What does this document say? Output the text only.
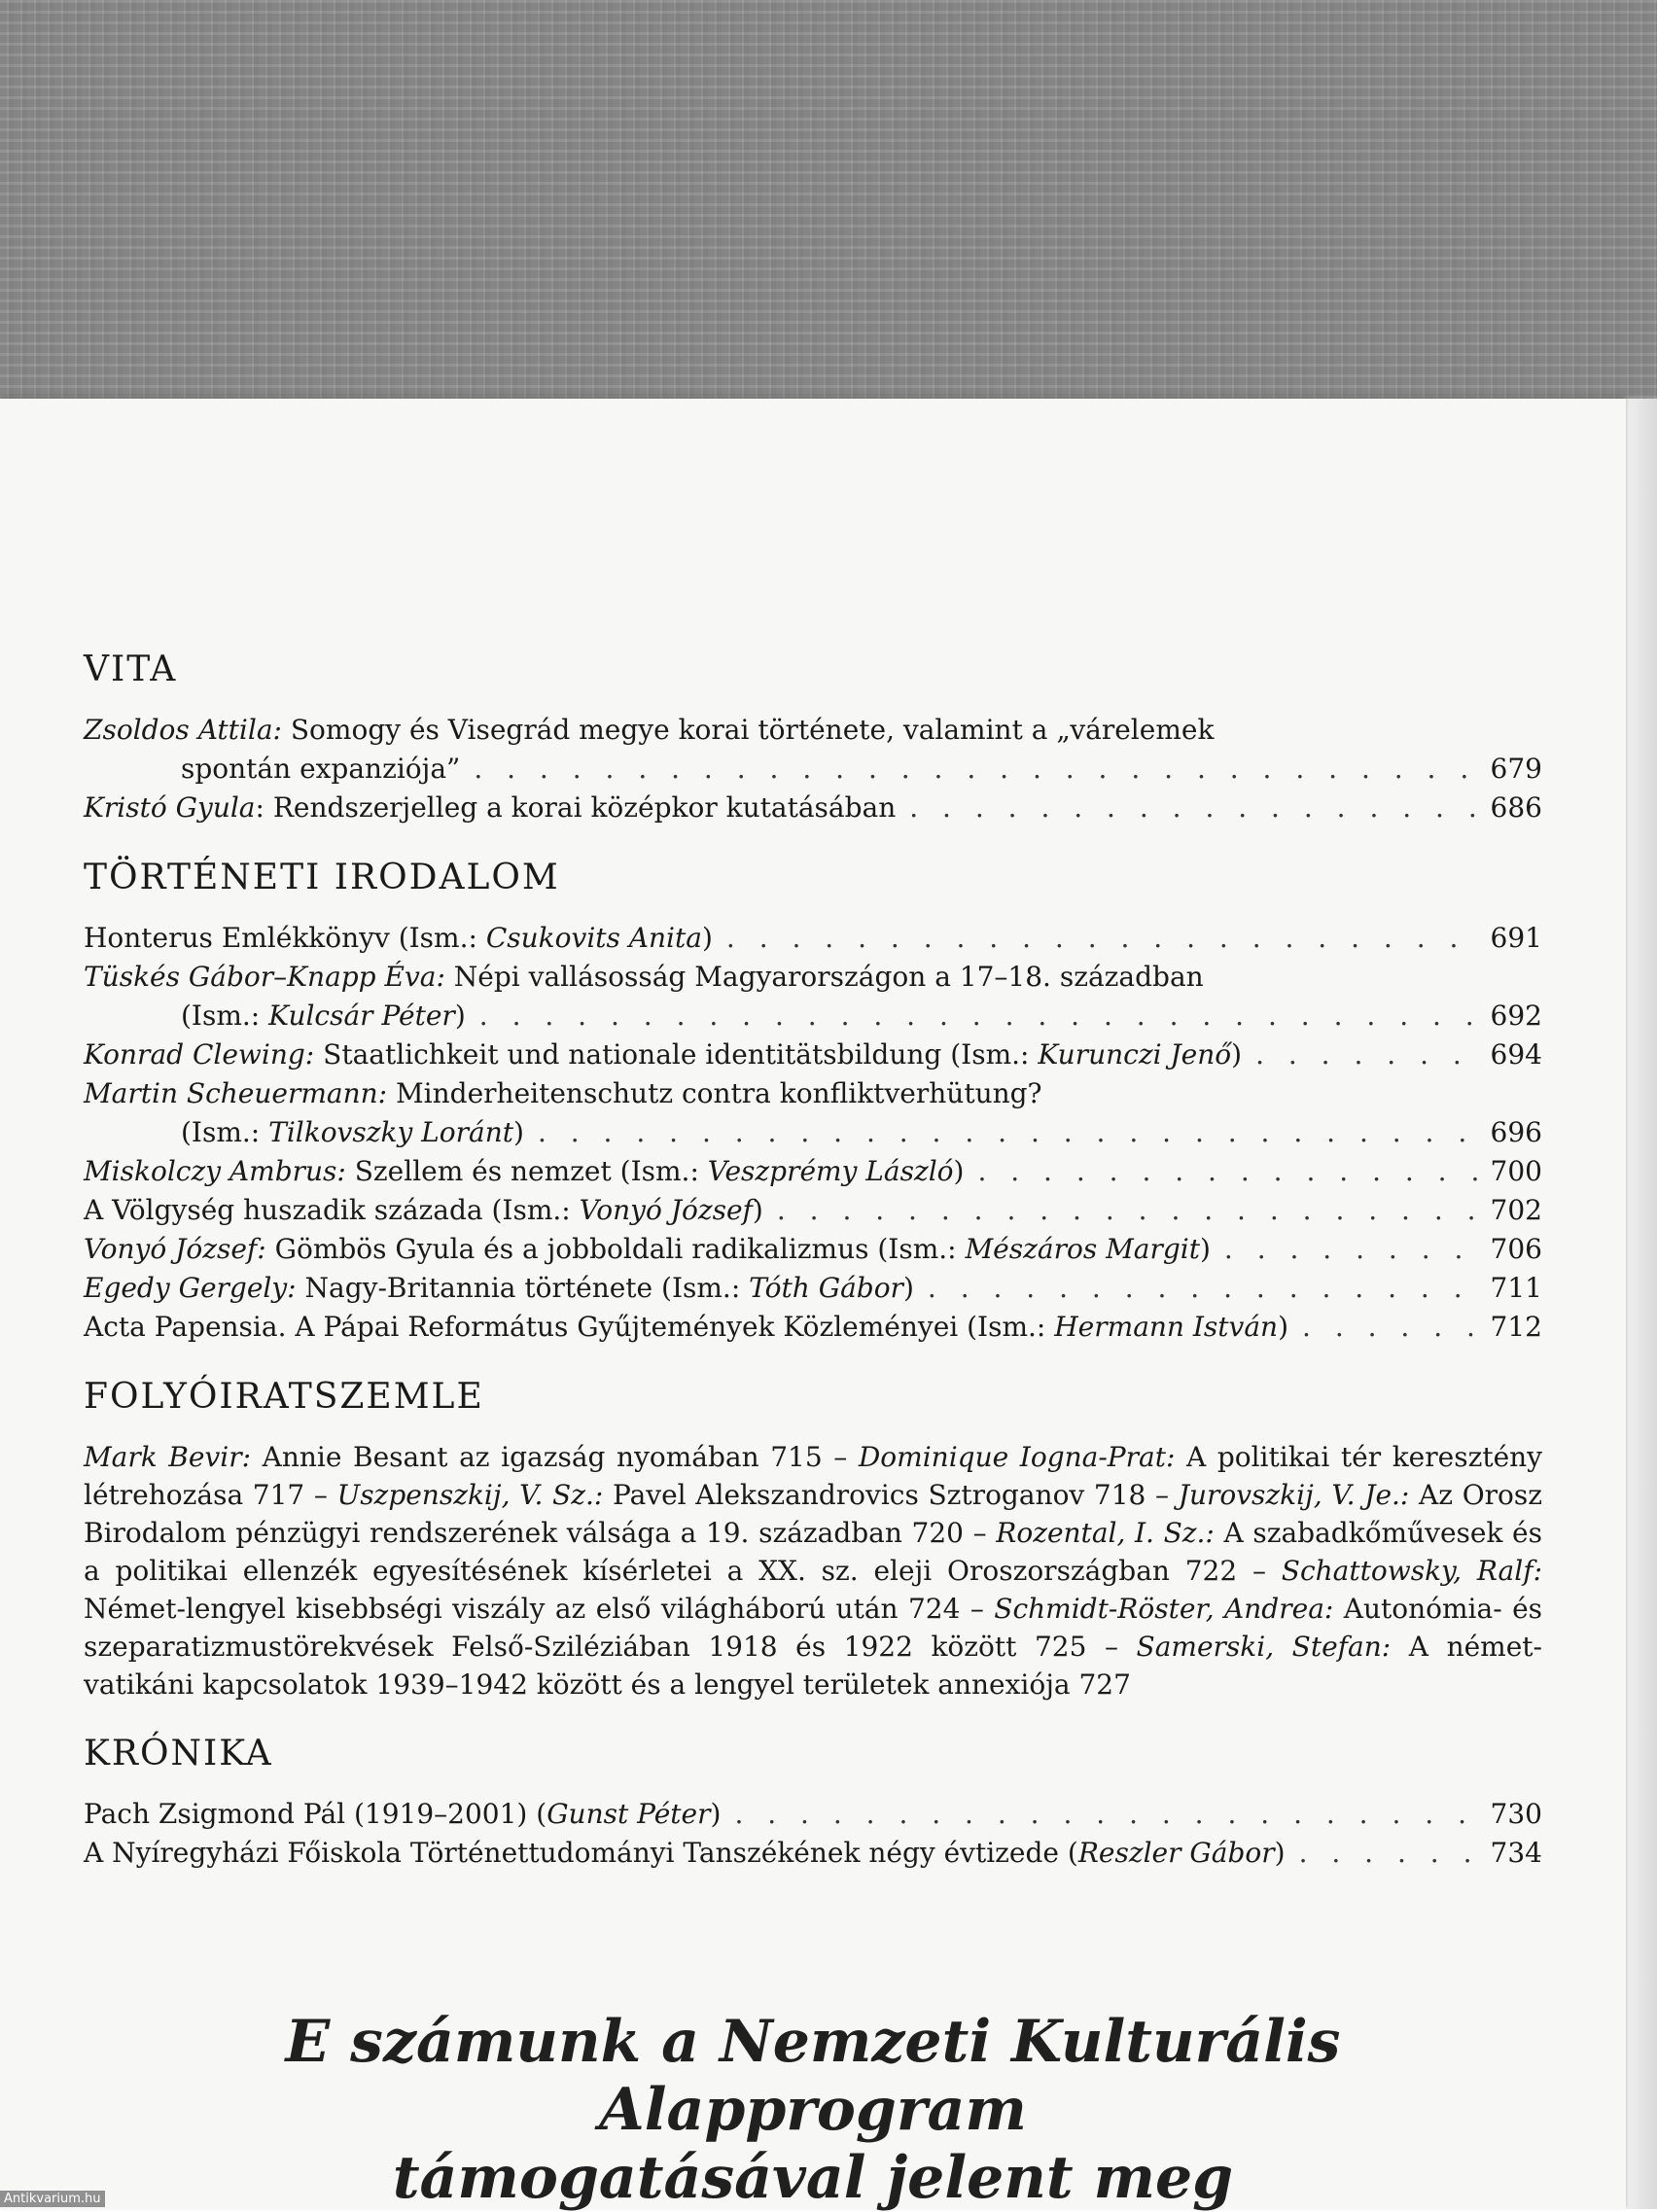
VITA
Zsoldos Attila: Somogy és Visegrád megye korai története, valamint a „várelemek
spontán expanziója” . . .	679
Kristó Gyula: Rendszerjelleg a korai középkor kutatásában . . .	686
TÖRTÉNETI IRODALOM
Honterus Emlékkönyv (Ism.: Csukovits Anita) . . .	691
Tüskés Gábor–Knapp Éva: Népi vallásosság Magyarországon a 17–18. században
(Ism.: Kulcsár Péter) . . .	692
Konrad Clewing: Staatlichkeit und nationale identitätsbildung (Ism.: Kurunczi Jenő) . . .	694
Martin Scheuermann: Minderheitenschutz contra konfliktverhütung?
(Ism.: Tilkovszky Loránt) . . .	696
Miskolczy Ambrus: Szellem és nemzet (Ism.: Veszprémy László) . . .	700
A Völgység huszadik százada (Ism.: Vonyó József) . . .	702
Vonyó József: Gömbös Gyula és a jobboldali radikalizmus (Ism.: Mészáros Margit) . . .	706
Egedy Gergely: Nagy-Britannia története (Ism.: Tóth Gábor) . . .	711
Acta Papensia. A Pápai Református Gyűjtemények Közleményei (Ism.: Hermann István) . . .	712
FOLYÓIRATSZEMLE

Mark Bevir: Annie Besant az igazság nyomában 715 – Dominique Iogna-Prat: A politikai tér keresztény létrehozása 717 – Uszpenszkij, V. Sz.: Pavel Alekszandrovics Sztroganov 718 – Jurovszkij, V. Je.: Az Orosz Birodalom pénzügyi rendszerének válsága a 19. században 720 – Rozental, I. Sz.: A szabadkőművesek és a politikai ellenzék egyesítésének kísérletei a XX. sz. eleji Oroszországban 722 – Schattowsky, Ralf: Német-lengyel kisebbségi viszály az első világháború után 724 – Schmidt-Röster, Andrea: Autonómia- és szeparatizmustörekvések Felső-Sziléziában 1918 és 1922 között 725 – Samerski, Stefan: A német-vatikáni kapcsolatok 1939–1942 között és a lengyel területek annexiója 727

KRÓNIKA
Pach Zsigmond Pál (1919–2001) (Gunst Péter) . . .	730
A Nyíregyházi Főiskola Történettudományi Tanszékének négy évtizede (Reszler Gábor) . . .	734
E számunk a Nemzeti Kulturális Alapprogram
támogatásával jelent meg
Antikvarium.hu
